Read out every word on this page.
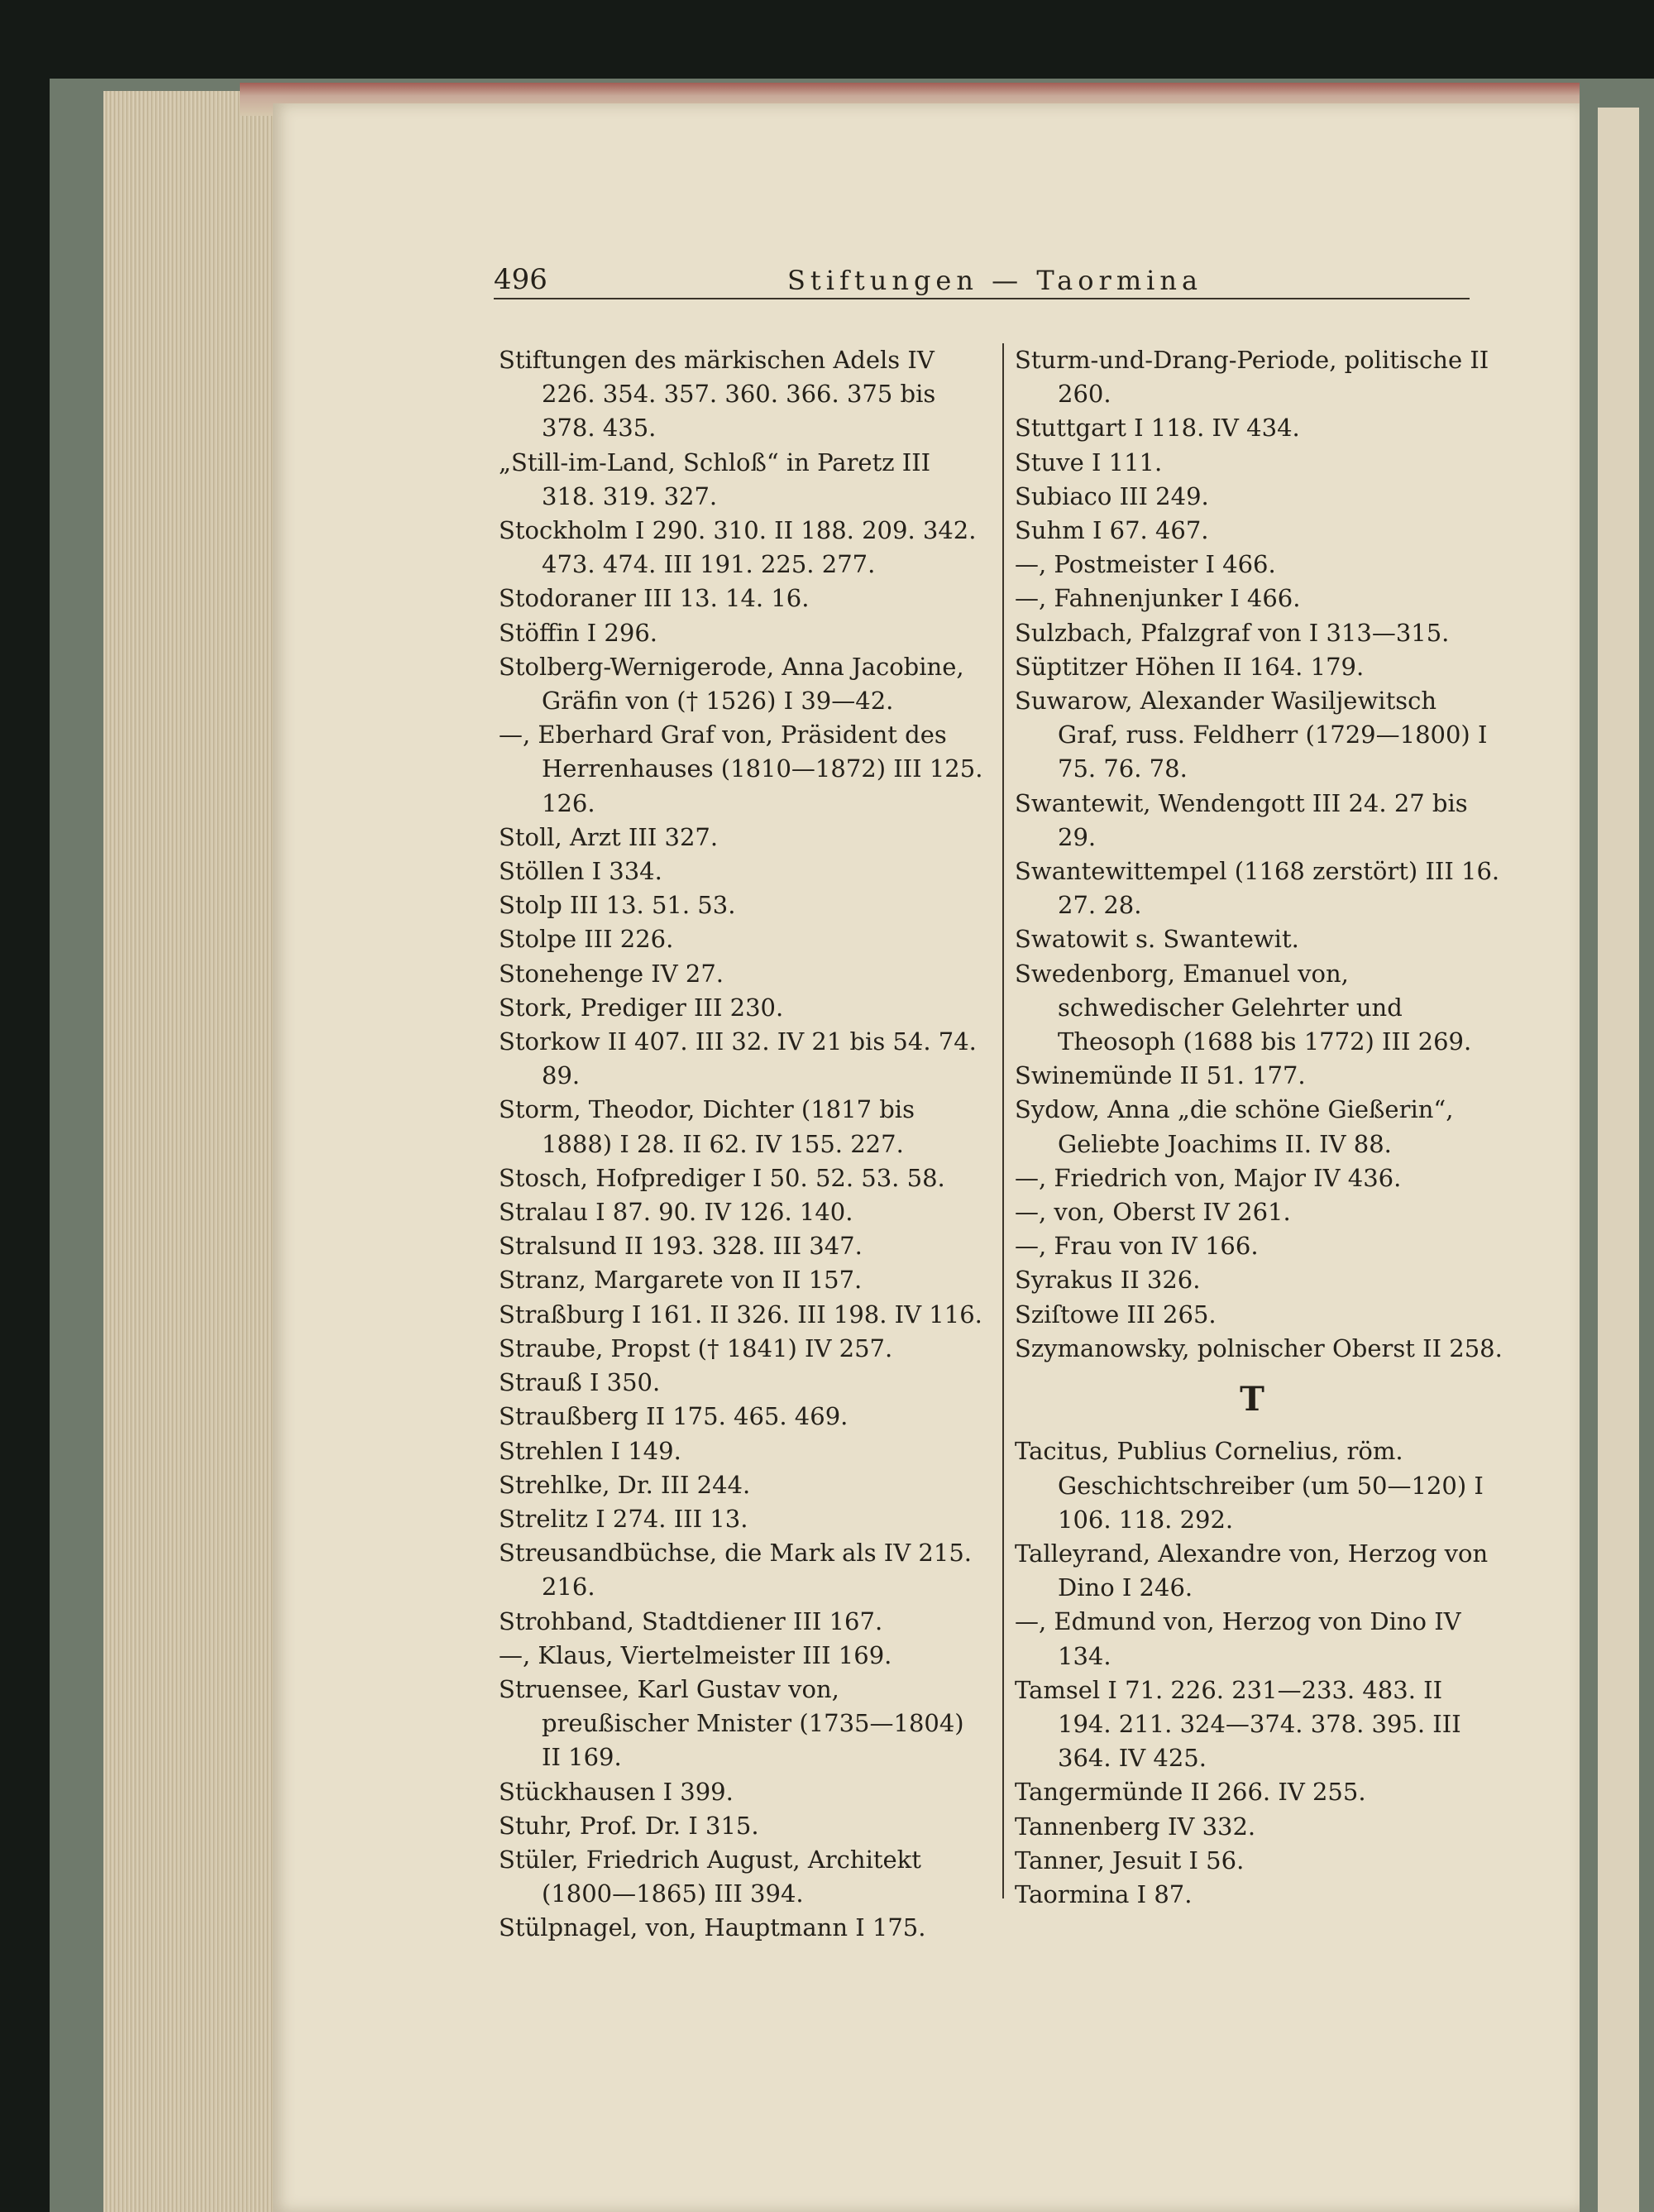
496	Stiftungen — Taormina

Stiftungen des märkischen Adels IV 226. 354. 357. 360. 366. 375 bis 378. 435.

„Still-im-Land, Schloß“ in Paretz III 318. 319. 327.

Stockholm I 290. 310. II 188. 209. 342. 473. 474. III 191. 225. 277.

Stodoraner III 13. 14. 16.

Stöffin I 296.

Stolberg-Wernigerode, Anna Jacobine, Gräfin von († 1526) I 39—42.

—, Eberhard Graf von, Präsident des Herrenhauses (1810—1872) III 125. 126.

Stoll, Arzt III 327.

Stöllen I 334.

Stolp III 13. 51. 53.

Stolpe III 226.

Stonehenge IV 27.

Stork, Prediger III 230.

Storkow II 407. III 32. IV 21 bis 54. 74. 89.

Storm, Theodor, Dichter (1817 bis 1888) I 28. II 62. IV 155. 227.

Stosch, Hofprediger I 50. 52. 53. 58.

Stralau I 87. 90. IV 126. 140.

Stralsund II 193. 328. III 347.

Stranz, Margarete von II 157.

Straßburg I 161. II 326. III 198. IV 116.

Straube, Propst († 1841) IV 257.

Strauß I 350.

Straußberg II 175. 465. 469.

Strehlen I 149.

Strehlke, Dr. III 244.

Strelitz I 274. III 13.

Streusandbüchse, die Mark als IV 215. 216.

Strohband, Stadtdiener III 167.

—, Klaus, Viertelmeister III 169.

Struensee, Karl Gustav von, preußischer Mnister (1735—1804) II 169.

Stückhausen I 399.

Stuhr, Prof. Dr. I 315.

Stüler, Friedrich August, Architekt (1800—1865) III 394.

Stülpnagel, von, Hauptmann I 175.

Sturm-und-Drang-Periode, politische II 260.

Stuttgart I 118. IV 434.

Stuve I 111.

Subiaco III 249.

Suhm I 67. 467.

—, Postmeister I 466.

—, Fahnenjunker I 466.

Sulzbach, Pfalzgraf von I 313—315.

Süptitzer Höhen II 164. 179.

Suwarow, Alexander Wasiljewitsch Graf, russ. Feldherr (1729—1800) I 75. 76. 78.

Swantewit, Wendengott III 24. 27 bis 29.

Swantewittempel (1168 zerstört) III 16. 27. 28.

Swatowit s. Swantewit.

Swedenborg, Emanuel von, schwedischer Gelehrter und Theosoph (1688 bis 1772) III 269.

Swinemünde II 51. 177.

Sydow, Anna „die schöne Gießerin“, Geliebte Joachims II. IV 88.

—, Friedrich von, Major IV 436.

—, von, Oberst IV 261.

—, Frau von IV 166.

Syrakus II 326.

Sziſtowe III 265.

Szymanowsky, polnischer Oberst II 258.

T

Tacitus, Publius Cornelius, röm. Geschichtschreiber (um 50—120) I 106. 118. 292.

Talleyrand, Alexandre von, Herzog von Dino I 246.

—, Edmund von, Herzog von Dino IV 134.

Tamsel I 71. 226. 231—233. 483. II 194. 211. 324—374. 378. 395. III 364. IV 425.

Tangermünde II 266. IV 255.

Tannenberg IV 332.

Tanner, Jesuit I 56.

Taormina I 87.
